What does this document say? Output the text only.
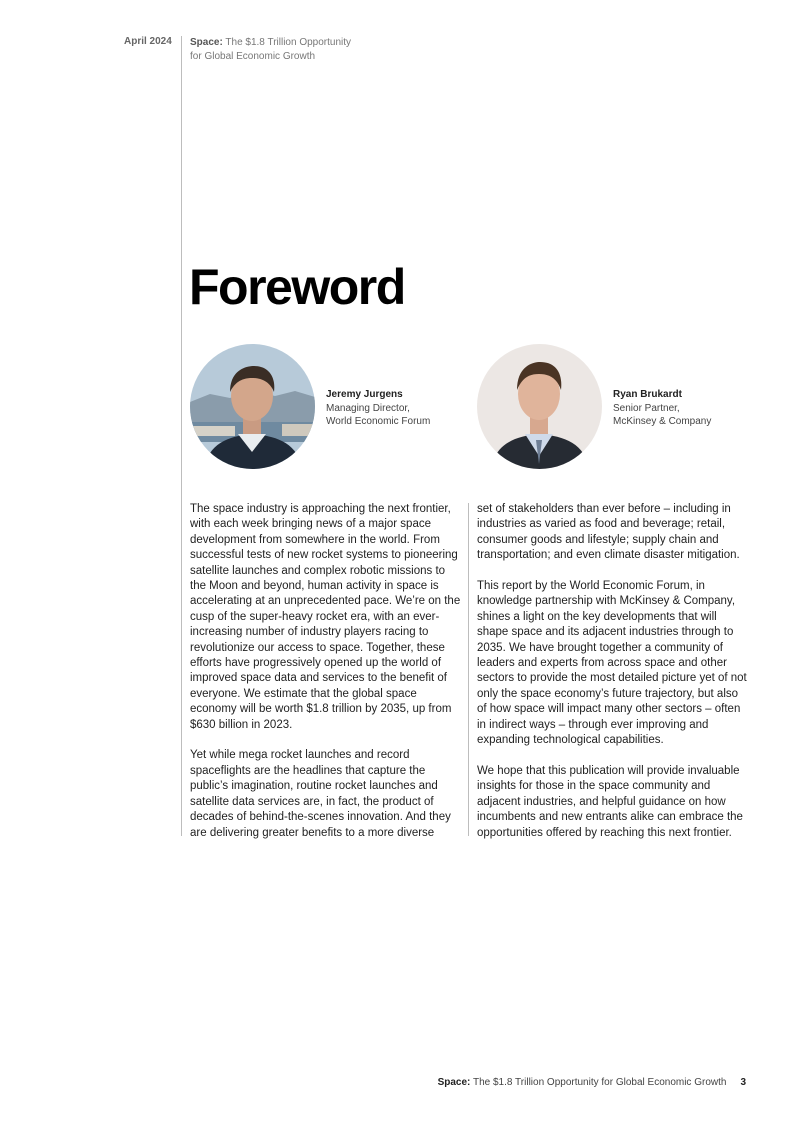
April 2024 Space: The $1.8 Trillion Opportunity
for Global Economic Growth
Foreword
Jeremy Jurgens
Managing Director,
World Economic Forum
Ryan Brukardt
Senior Partner,
McKinsey & Company

The space industry is approaching the next frontier, with each week bringing news of a major space development from somewhere in the world. From successful tests of new rocket systems to pioneering satellite launches and complex robotic missions to the Moon and beyond, human activity in space is accelerating at an unprecedented pace. We’re on the cusp of the super-heavy rocket era, with an ever-increasing number of industry players racing to revolutionize our access to space. Together, these efforts have progressively opened up the world of improved space data and services to the benefit of everyone. We estimate that the global space economy will be worth $1.8 trillion by 2035, up from $630 billion in 2023.

Yet while mega rocket launches and record spaceflights are the headlines that capture the public’s imagination, routine rocket launches and satellite data services are, in fact, the product of decades of behind-the-scenes innovation. And they are delivering greater benefits to a more diverse

set of stakeholders than ever before – including in industries as varied as food and beverage; retail, consumer goods and lifestyle; supply chain and transportation; and even climate disaster mitigation.

This report by the World Economic Forum, in knowledge partnership with McKinsey & Company, shines a light on the key developments that will shape space and its adjacent industries through to 2035. We have brought together a community of leaders and experts from across space and other sectors to provide the most detailed picture yet of not only the space economy’s future trajectory, but also of how space will impact many other sectors – often in indirect ways – through ever improving and expanding technological capabilities.

We hope that this publication will provide invaluable insights for those in the space community and adjacent industries, and helpful guidance on how incumbents and new entrants alike can embrace the opportunities offered by reaching this next frontier.

Space: The $1.8 Trillion Opportunity for Global Economic Growth 3
